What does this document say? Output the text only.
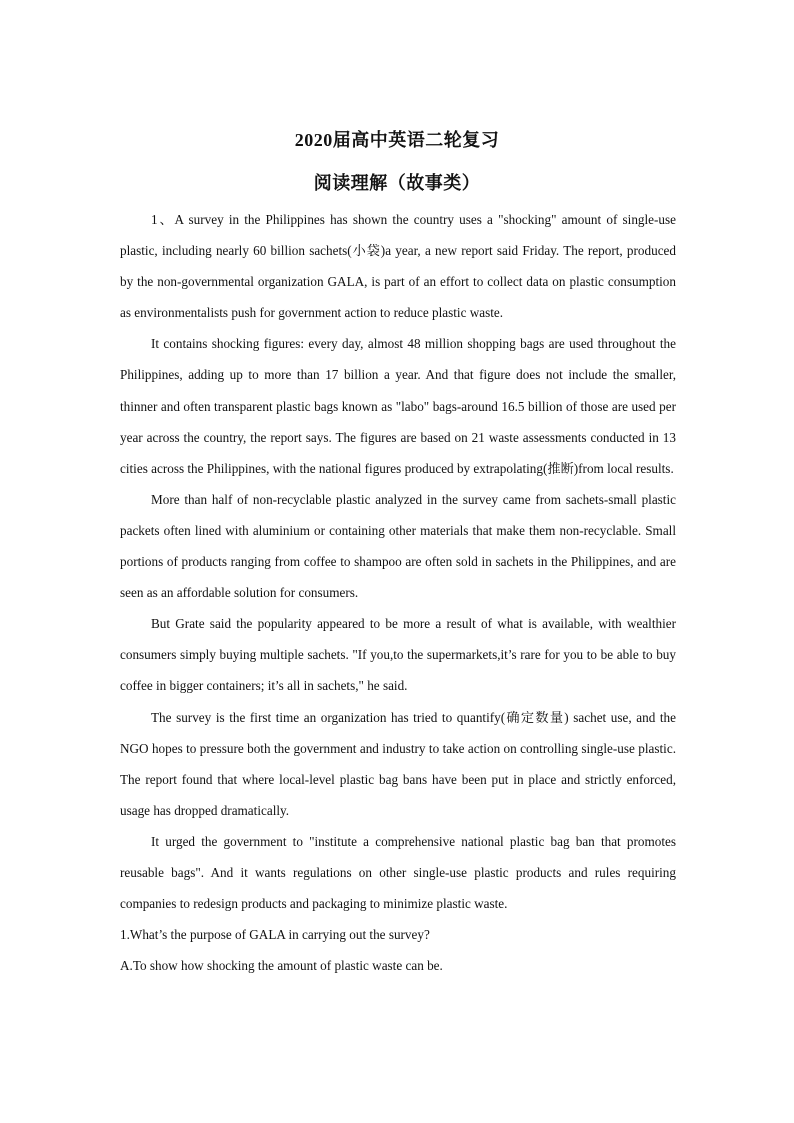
2020届高中英语二轮复习
阅读理解（故事类）

1、A survey in the Philippines has shown the country uses a "shocking" amount of single-use plastic, including nearly 60 billion sachets(小袋)a year, a new report said Friday. The report, produced by the non-governmental organization GALA, is part of an effort to collect data on plastic consumption as environmentalists push for government action to reduce plastic waste.

It contains shocking figures: every day, almost 48 million shopping bags are used throughout the Philippines, adding up to more than 17 billion a year. And that figure does not include the smaller, thinner and often transparent plastic bags known as "labo" bags-around 16.5 billion of those are used per year across the country, the report says. The figures are based on 21 waste assessments conducted in 13 cities across the Philippines, with the national figures produced by extrapolating(推断)from local results.

More than half of non-recyclable plastic analyzed in the survey came from sachets-small plastic packets often lined with aluminium or containing other materials that make them non-recyclable. Small portions of products ranging from coffee to shampoo are often sold in sachets in the Philippines, and are seen as an affordable solution for consumers.

But Grate said the popularity appeared to be more a result of what is available, with wealthier consumers simply buying multiple sachets. "If you,to the supermarkets,it’s rare for you to be able to buy coffee in bigger containers; it’s all in sachets," he said.

The survey is the first time an organization has tried to quantify(确定数量) sachet use, and the NGO hopes to pressure both the government and industry to take action on controlling single-use plastic. The report found that where local-level plastic bag bans have been put in place and strictly enforced, usage has dropped dramatically.

It urged the government to "institute a comprehensive national plastic bag ban that promotes reusable bags". And it wants regulations on other single-use plastic products and rules requiring companies to redesign products and packaging to minimize plastic waste.

1.What’s the purpose of GALA in carrying out the survey?

A.To show how shocking the amount of plastic waste can be.
